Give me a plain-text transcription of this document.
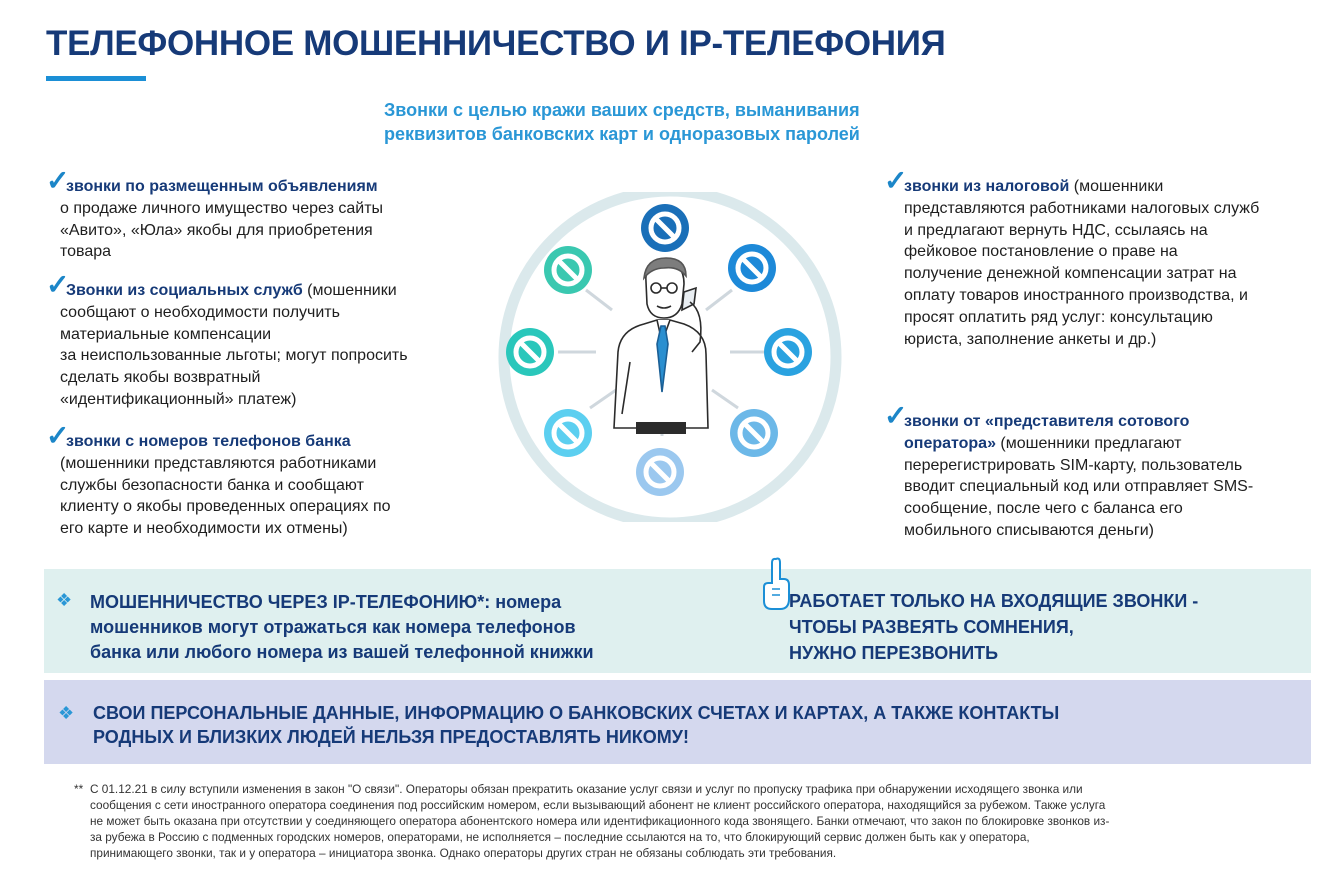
ТЕЛЕФОННОЕ МОШЕННИЧЕСТВО И IP-ТЕЛЕФОНИЯ
Звонки с целью кражи ваших средств, выманивания
реквизитов банковских карт и одноразовых паролей
✓

звонки по размещенным объявлениям

о продаже личного имущество через сайты

«Авито», «Юла» якобы для приобретения

товара

✓

Звонки из социальных служб (мошенники

сообщают о необходимости получить

материальные компенсации

за неиспользованные льготы; могут попросить

сделать якобы возвратный

«идентификационный» платеж)

✓

звонки с номеров телефонов банка

(мошенники представляются работниками

службы безопасности банка и сообщают

клиенту о якобы проведенных операциях по

его карте и необходимости их отмены)

✓

звонки из налоговой (мошенники

представляются работниками налоговых служб

и предлагают вернуть НДС, ссылаясь на

фейковое постановление о праве на

получение денежной компенсации затрат на

оплату товаров иностранного производства, и

просят оплатить ряд услуг: консультацию

юриста, заполнение анкеты и др.)

✓

звонки от «представителя сотового

оператора» (мошенники предлагают

перерегистрировать SIM-карту, пользователь

вводит специальный код или отправляет SMS-

сообщение, после чего с баланса его

мобильного списываются деньги)

❖ МОШЕННИЧЕСТВО ЧЕРЕЗ IP-ТЕЛЕФОНИЮ*: номера
мошенников могут отражаться как номера телефонов
банка или любого номера из вашей телефонной книжки
РАБОТАЕТ ТОЛЬКО НА ВХОДЯЩИЕ ЗВОНКИ -
ЧТОБЫ РАЗВЕЯТЬ СОМНЕНИЯ,
НУЖНО ПЕРЕЗВОНИТЬ
❖ СВОИ ПЕРСОНАЛЬНЫЕ ДАННЫЕ, ИНФОРМАЦИЮ О БАНКОВСКИХ СЧЕТАХ И КАРТАХ, А ТАКЖЕ КОНТАКТЫ
РОДНЫХ И БЛИЗКИХ ЛЮДЕЙ НЕЛЬЗЯ ПРЕДОСТАВЛЯТЬ НИКОМУ!
** С 01.12.21 в силу вступили изменения в закон "О связи". Операторы обязан прекратить оказание услуг связи и услуг по пропуску трафика при обнаружении исходящего звонка или
сообщения с сети иностранного оператора соединения под российским номером, если вызывающий абонент не клиент российского оператора, находящийся за рубежом. Также услуга
не может быть оказана при отсутствии у соединяющего оператора абонентского номера или идентификационного кода звонящего. Банки отмечают, что закон по блокировке звонков из-
за рубежа в Россию с подменных городских номеров, операторами, не исполняется – последние ссылаются на то, что блокирующий сервис должен быть как у оператора,
принимающего звонки, так и у оператора – инициатора звонка. Однако операторы других стран не обязаны соблюдать эти требования.
